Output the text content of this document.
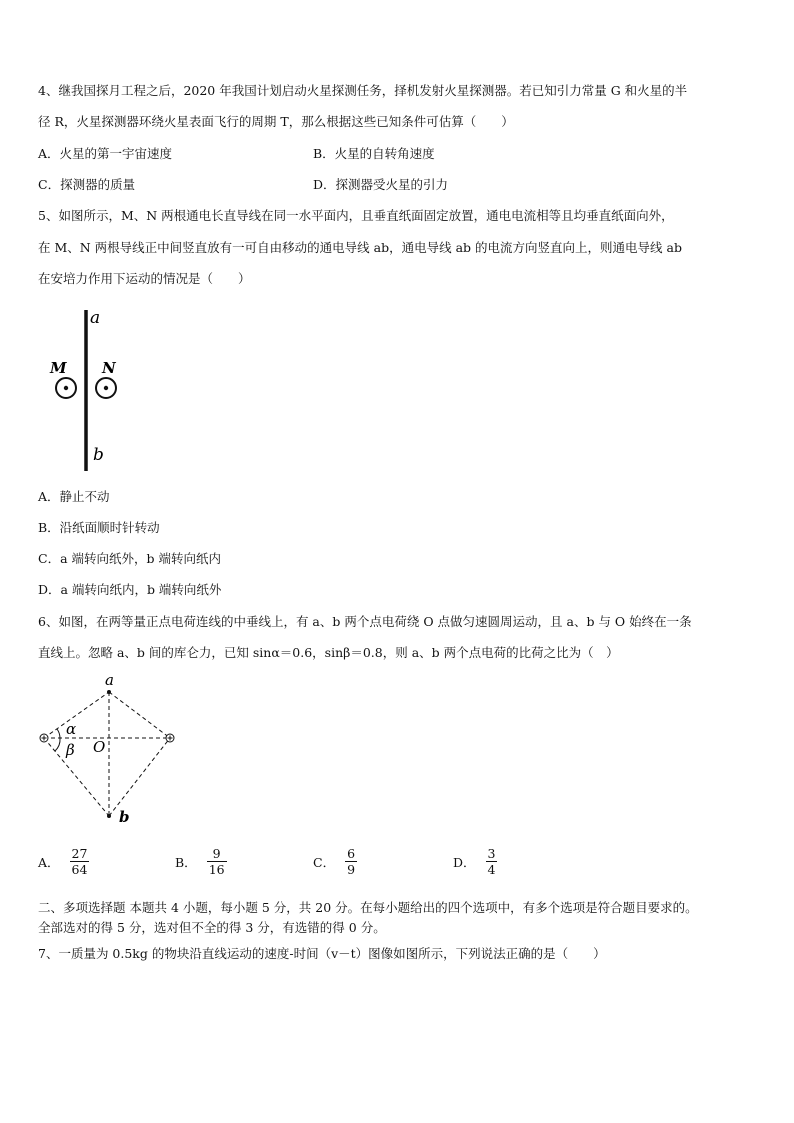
4、继我国探月工程之后，2020 年我国计划启动火星探测任务，择机发射火星探测器。若已知引力常量 G 和火星的半
径 R，火星探测器环绕火星表面飞行的周期 T，那么根据这些已知条件可估算（　　）
A．火星的第一宇宙速度	B．火星的自转角速度
C．探测器的质量	D．探测器受火星的引力
5、如图所示，M、N 两根通电长直导线在同一水平面内，且垂直纸面固定放置，通电电流相等且均垂直纸面向外，
在 M、N 两根导线正中间竖直放有一可自由移动的通电导线 ab，通电导线 ab 的电流方向竖直向上，则通电导线 ab
在安培力作用下运动的情况是（　　）
a
b
M N
A．静止不动
B．沿纸面顺时针转动
C．a 端转向纸外，b 端转向纸内
D．a 端转向纸内，b 端转向纸外
6、如图，在两等量正点电荷连线的中垂线上，有 a、b 两个点电荷绕 O 点做匀速圆周运动，且 a、b 与 O 始终在一条
直线上。忽略 a、b 间的库仑力，已知 sinα＝0.6，sinβ＝0.8，则 a、b 两个点电荷的比荷之比为（　）
a
b
O
α
β
A． $\frac{27}{64}$	B． $\frac{9}{16}$	C． $\frac{6}{9}$	D． $\frac{3}{4}$
二、多项选择题 本题共 4 小题，每小题 5 分，共 20 分。在每小题给出的四个选项中，有多个选项是符合题目要求的。
全部选对的得 5 分，选对但不全的得 3 分，有选错的得 0 分。
7、一质量为 0.5kg 的物块沿直线运动的速度-时间（v－t）图像如图所示，下列说法正确的是（　　）
